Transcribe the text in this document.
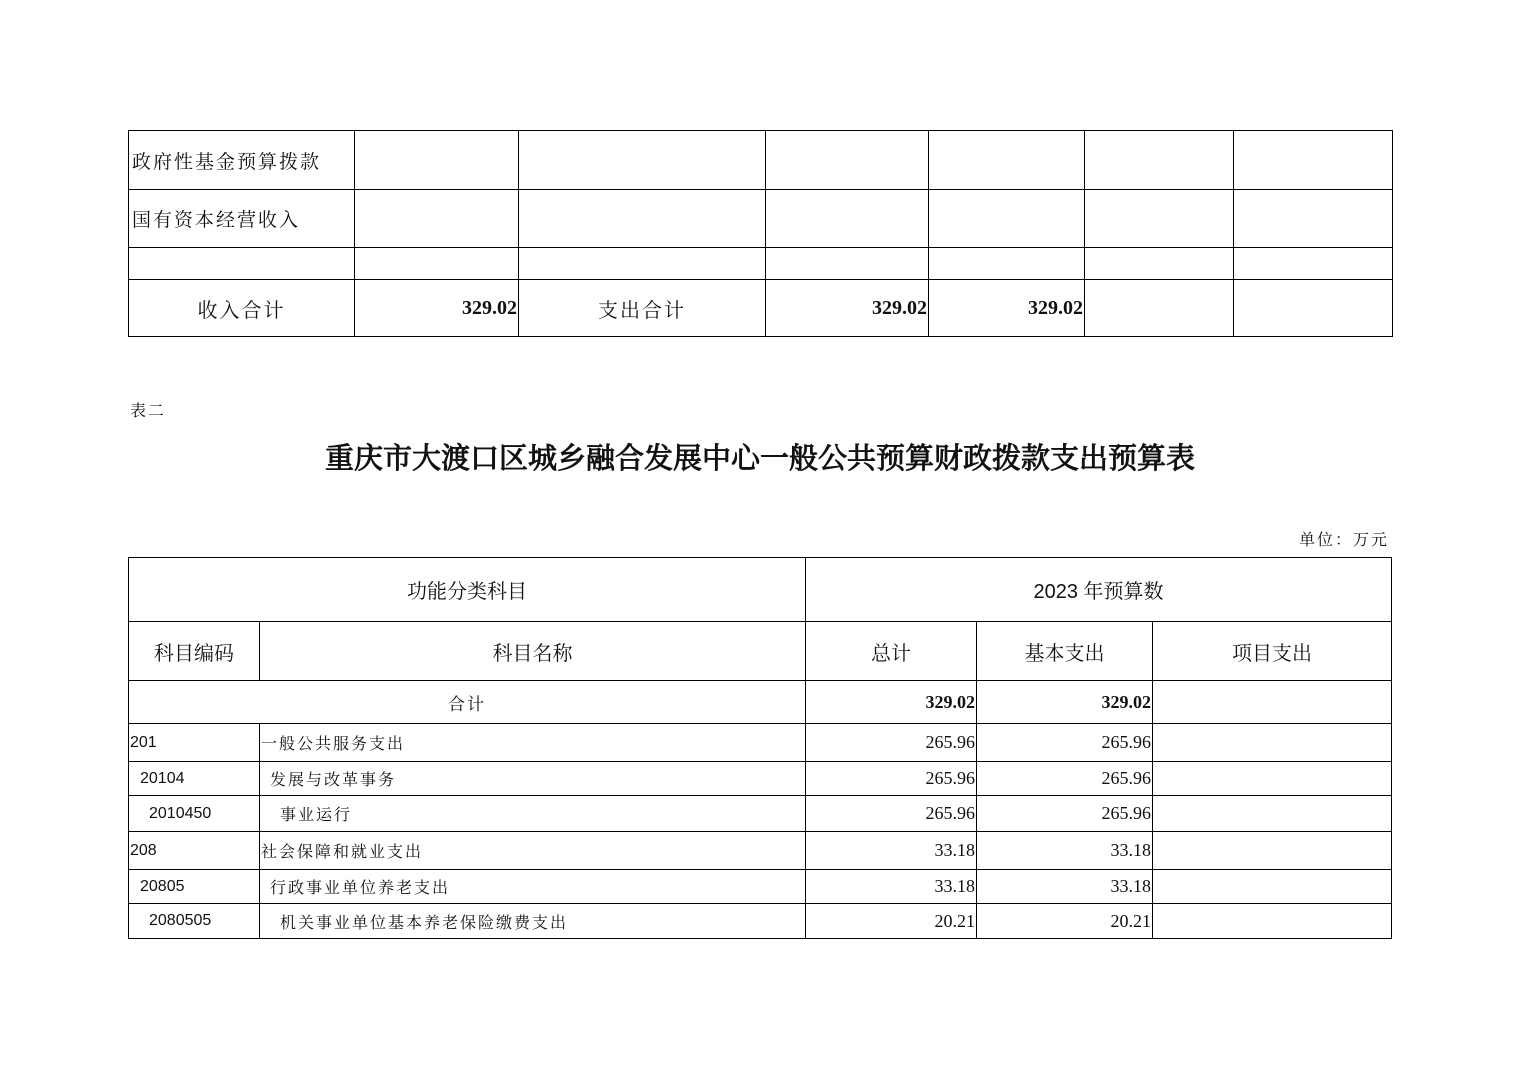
政府性基金预算拨款						
国有资本经营收入						

收入合计	329.02	支出合计	329.02	329.02		
表二
重庆市大渡口区城乡融合发展中心一般公共预算财政拨款支出预算表
单位：万元
功能分类科目		2023 年预算数		
科目编码	科目名称	总计	基本支出	项目支出
合计		329.02	329.02	
201	一般公共服务支出	265.96	265.96	
20104	发展与改革事务	265.96	265.96	
2010450	事业运行	265.96	265.96	
208	社会保障和就业支出	33.18	33.18	
20805	行政事业单位养老支出	33.18	33.18	
2080505	机关事业单位基本养老保险缴费支出	20.21	20.21	
